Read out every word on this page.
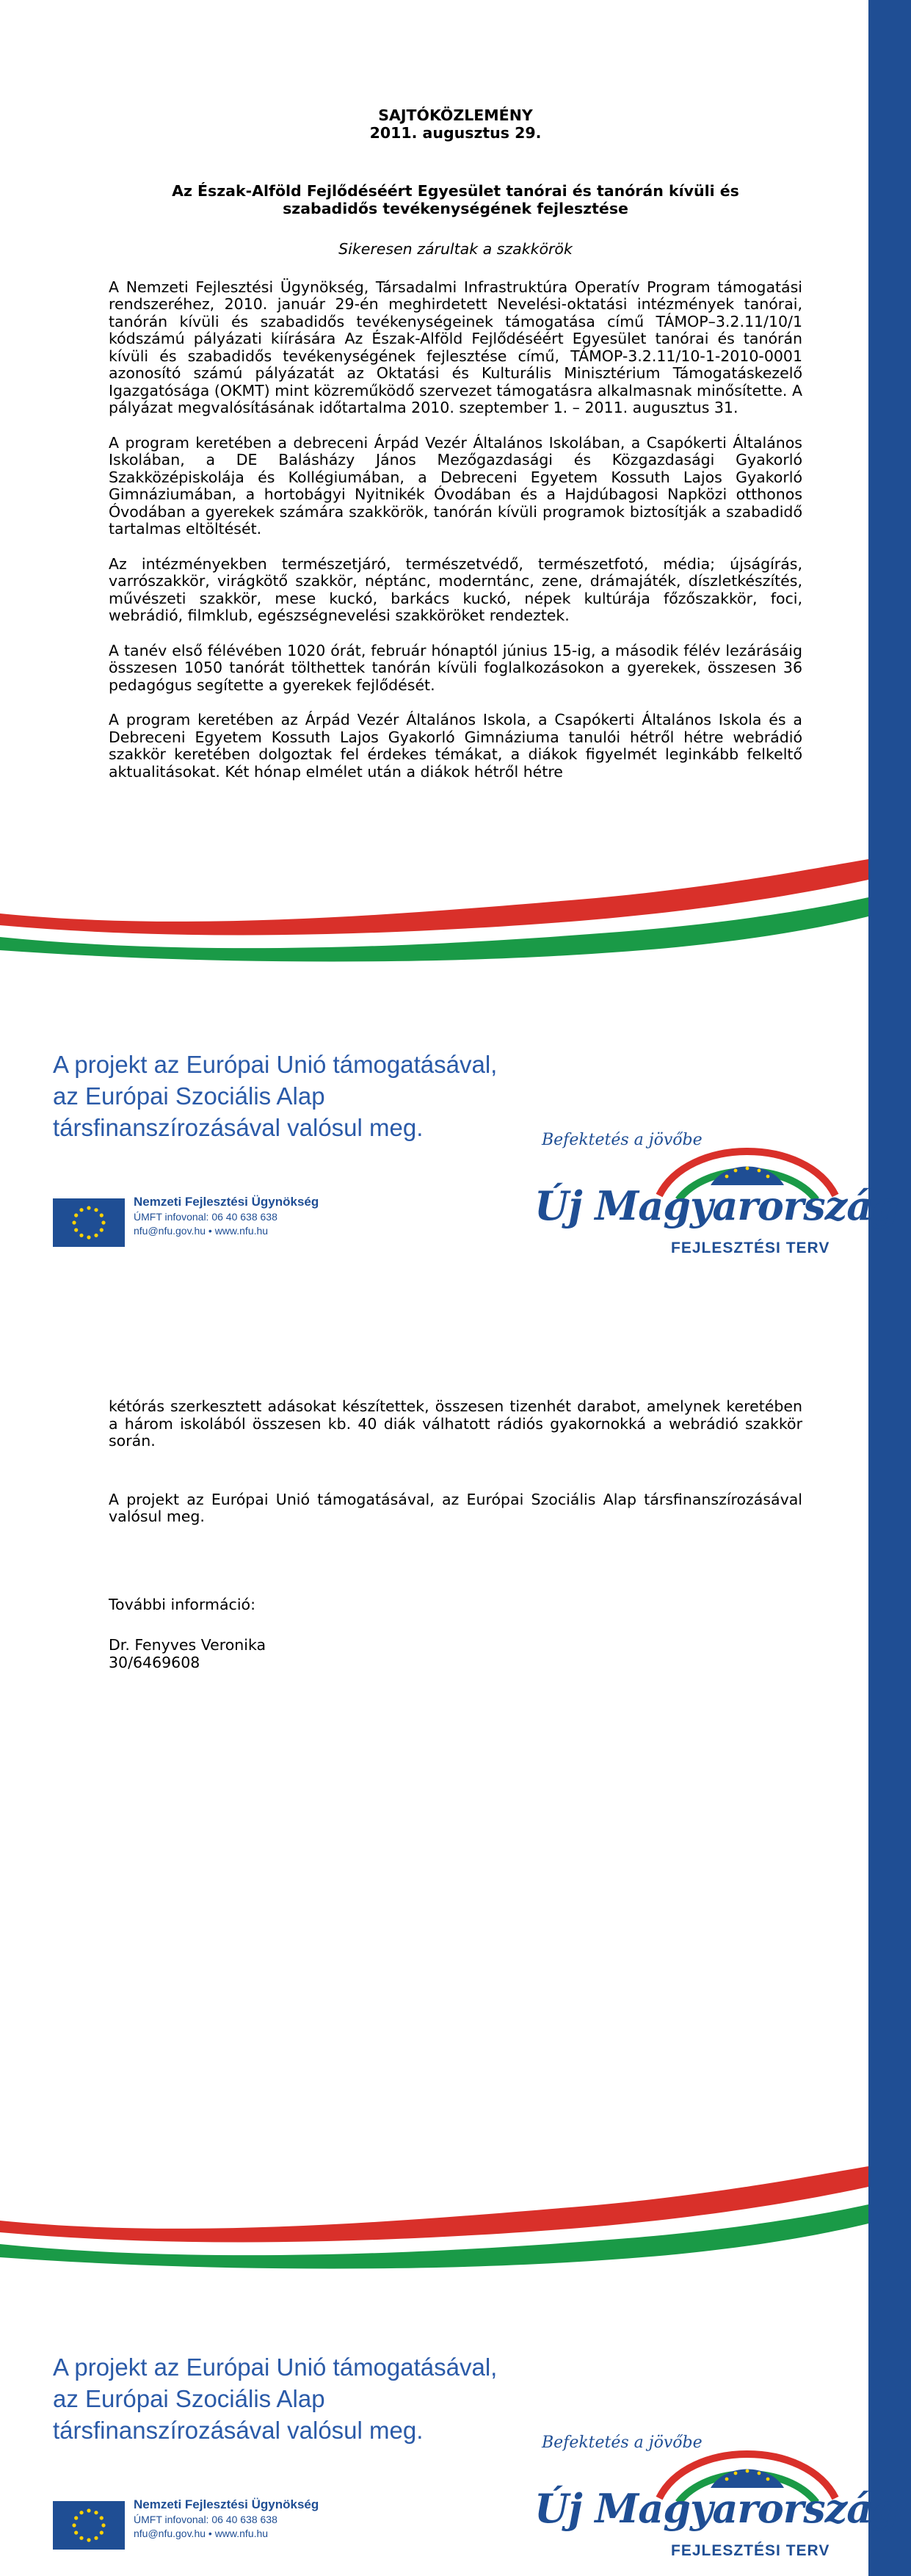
SAJTÓKÖZLEMÉNY
2011. augusztus 29.
Az Észak-Alföld Fejlődéséért Egyesület tanórai és tanórán kívüli és
szabadidős tevékenységének fejlesztése
Sikeresen zárultak a szakkörök

A Nemzeti Fejlesztési Ügynökség, Társadalmi Infrastruktúra Operatív Program támogatási rendszeréhez, 2010. január 29-én meghirdetett Nevelési-oktatási intézmények tanórai, tanórán kívüli és szabadidős tevékenységeinek támogatása című TÁMOP–3.2.11/10/1 kódszámú pályázati kiírására Az Észak-Alföld Fejlődéséért Egyesület tanórai és tanórán kívüli és szabadidős tevékenységének fejlesztése című, TÁMOP-3.2.11/10-1-2010-0001 azonosító számú pályázatát az Oktatási és Kulturális Minisztérium Támogatáskezelő Igazgatósága (OKMT) mint közreműködő szervezet támogatásra alkalmasnak minősítette. A pályázat megvalósításának időtartalma 2010. szeptember 1. – 2011. augusztus 31.

A program keretében a debreceni Árpád Vezér Általános Iskolában, a Csapókerti Általános Iskolában, a DE Balásházy János Mezőgazdasági és Közgazdasági Gyakorló Szakközépiskolája és Kollégiumában, a Debreceni Egyetem Kossuth Lajos Gyakorló Gimnáziumában, a hortobágyi Nyitnikék Óvodában és a Hajdúbagosi Napközi otthonos Óvodában a gyerekek számára szakkörök, tanórán kívüli programok biztosítják a szabadidő tartalmas eltöltését.

Az intézményekben természetjáró, természetvédő, természetfotó, média; újságírás, varrószakkör, virágkötő szakkör, néptánc, moderntánc, zene, drámajáték, díszletkészítés, művészeti szakkör, mese kuckó, barkács kuckó, népek kultúrája főzőszakkör, foci, webrádió, filmklub, egészségnevelési szakköröket rendeztek.

A tanév első félévében 1020 órát, február hónaptól június 15-ig, a második félév lezárásáig összesen 1050 tanórát tölthettek tanórán kívüli foglalkozásokon a gyerekek, összesen 36 pedagógus segítette a gyerekek fejlődését.

A program keretében az Árpád Vezér Általános Iskola, a Csapókerti Általános Iskola és a Debreceni Egyetem Kossuth Lajos Gyakorló Gimnáziuma tanulói hétről hétre webrádió szakkör keretében dolgoztak fel érdekes témákat, a diákok figyelmét leginkább felkeltő aktualitásokat. Két hónap elmélet után a diákok hétről hétre

A projekt az Európai Unió támogatásával,
az Európai Szociális Alap
társfinanszírozásával valósul meg.
Nemzeti Fejlesztési Ügynökség
ÚMFT infovonal: 06 40 638 638
nfu@nfu.gov.hu • www.nfu.hu
Befektetés a jövőbe
Új Magyarország
FEJLESZTÉSI TERV

kétórás szerkesztett adásokat készítettek, összesen tizenhét darabot, amelynek keretében a három iskolából összesen kb. 40 diák válhatott rádiós gyakornokká a webrádió szakkör során.

A projekt az Európai Unió támogatásával, az Európai Szociális Alap társfinanszírozásával valósul meg.

További információ:
Dr. Fenyves Veronika
30/6469608
A projekt az Európai Unió támogatásával,
az Európai Szociális Alap
társfinanszírozásával valósul meg.
Nemzeti Fejlesztési Ügynökség
ÚMFT infovonal: 06 40 638 638
nfu@nfu.gov.hu • www.nfu.hu
Befektetés a jövőbe
Új Magyarország
FEJLESZTÉSI TERV
